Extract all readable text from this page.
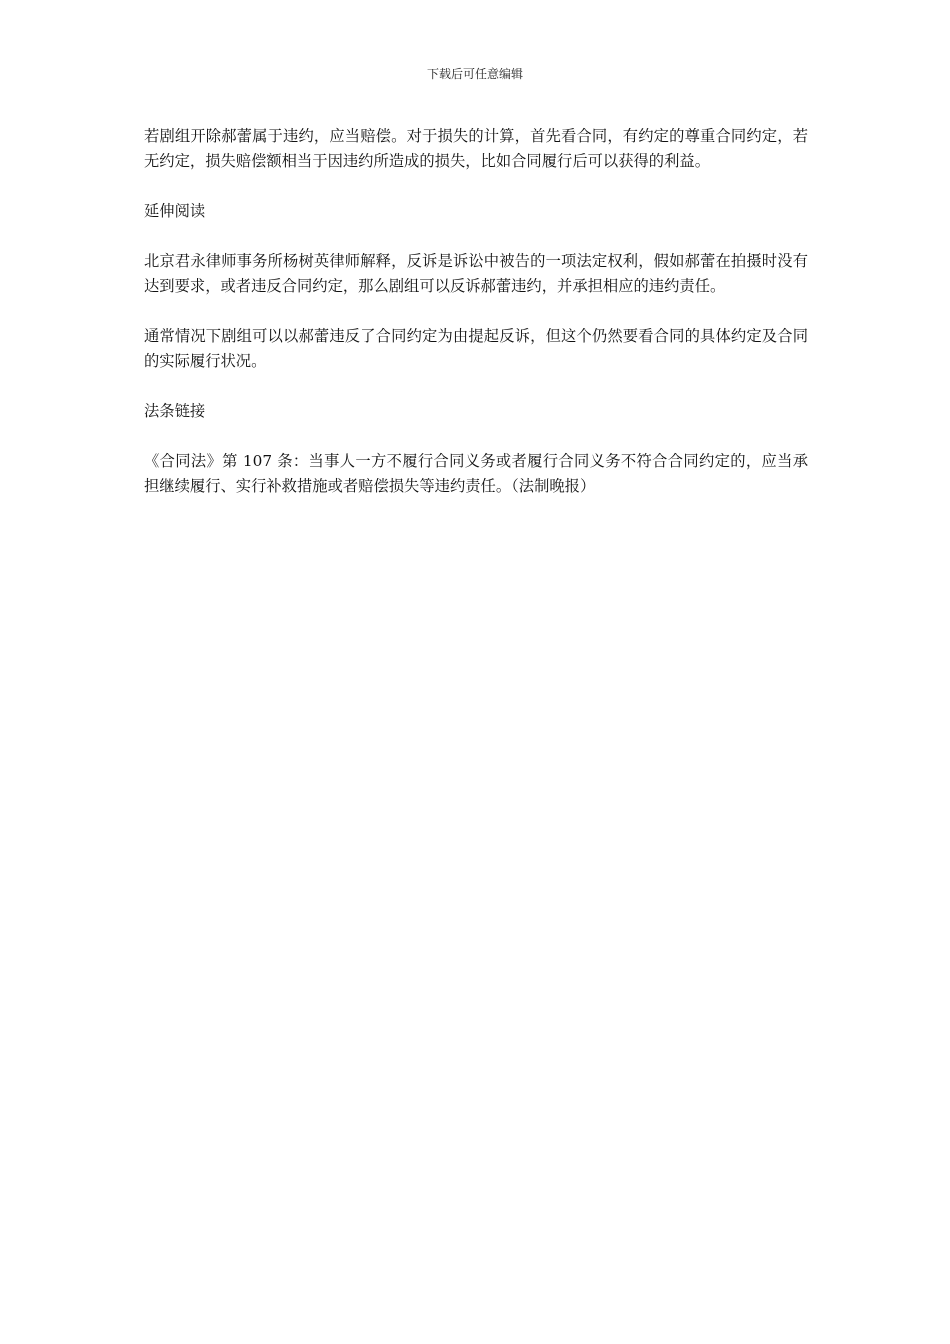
下载后可任意编辑

若剧组开除郝蕾属于违约，应当赔偿。对于损失的计算，首先看合同，有约定的尊重合同约定，若无约定，损失赔偿额相当于因违约所造成的损失，比如合同履行后可以获得的利益。

延伸阅读

北京君永律师事务所杨树英律师解释，反诉是诉讼中被告的一项法定权利，假如郝蕾在拍摄时没有达到要求，或者违反合同约定，那么剧组可以反诉郝蕾违约，并承担相应的违约责任。

通常情况下剧组可以以郝蕾违反了合同约定为由提起反诉，但这个仍然要看合同的具体约定及合同的实际履行状况。

法条链接

《合同法》第 107 条：当事人一方不履行合同义务或者履行合同义务不符合合同约定的，应当承担继续履行、实行补救措施或者赔偿损失等违约责任。（法制晚报）
